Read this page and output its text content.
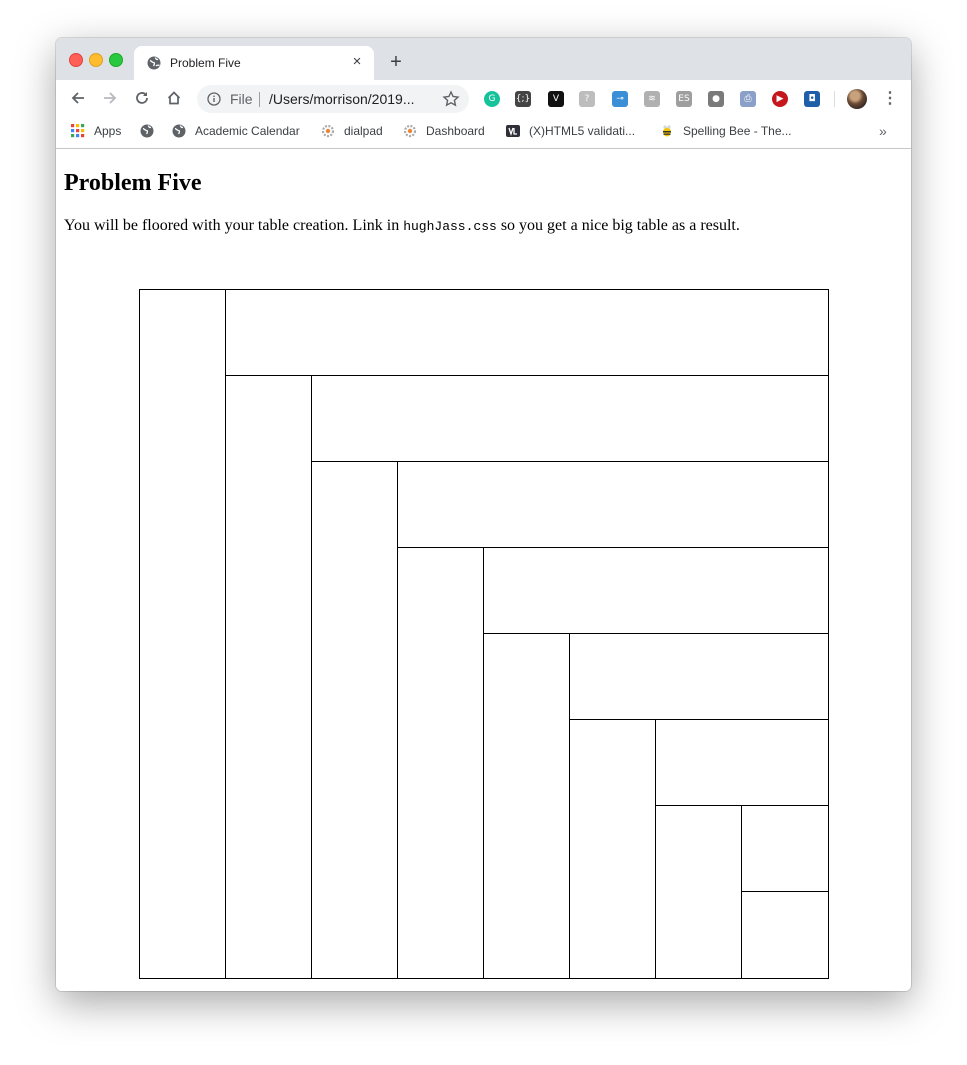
Problem Five	× +
File /Users/morrison/2019...	G	{;}	V	?	⊸	≋	ES	●	⎙	▶	◘	⋮
Apps	Academic Calendar	dialpad	Dashboard	(X)HTML5 validati...	Spelling Bee - The...	»
Problem Five

You will be floored with your table creation. Link in hughJass.css so you get a nice big table as a result.
